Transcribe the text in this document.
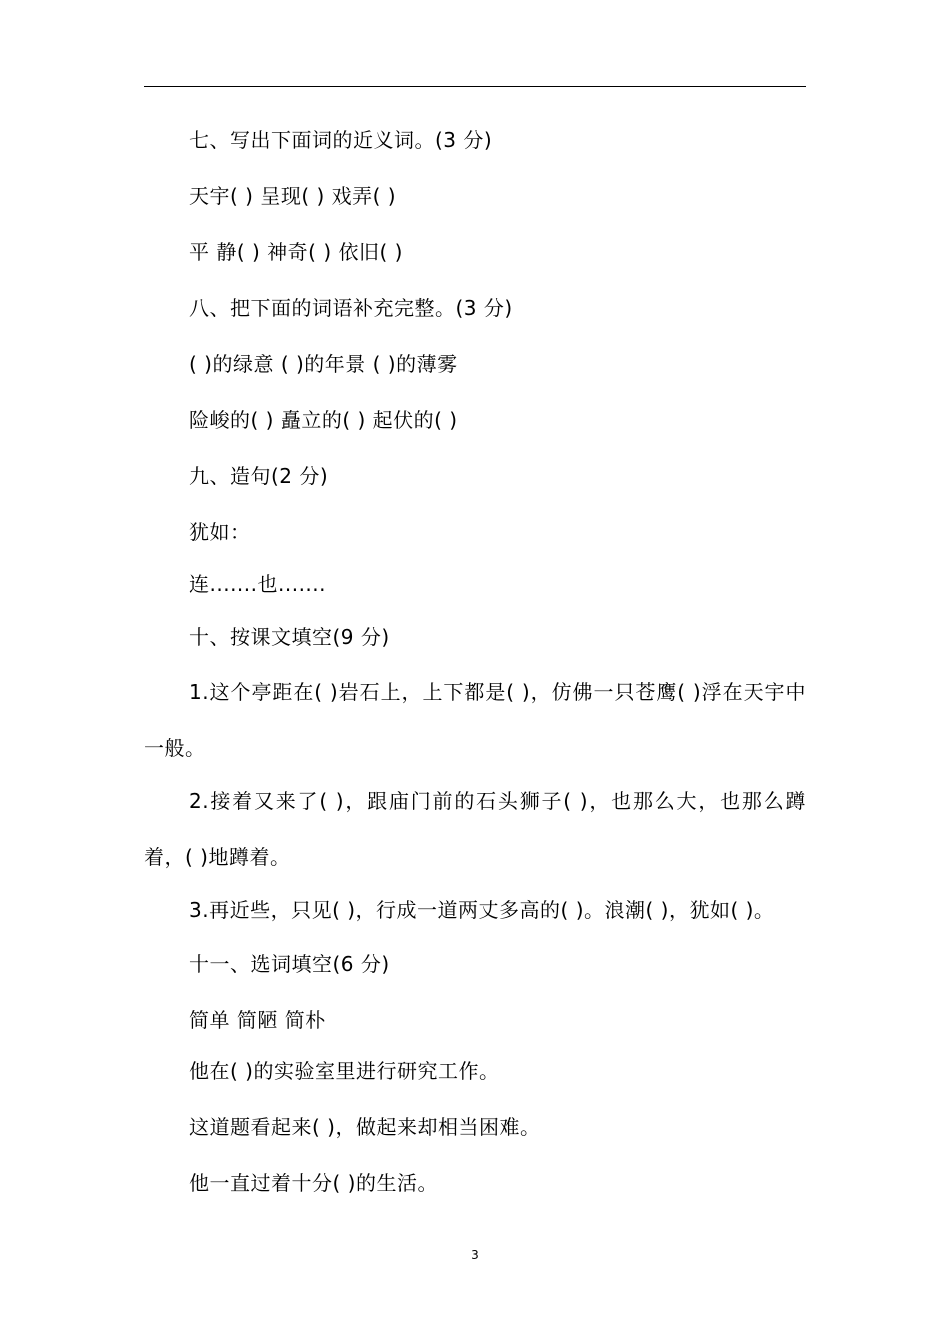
七、写出下面词的近义词。(3 分)
天宇( ) 呈现( ) 戏弄( )
平 静( ) 神奇( ) 依旧( )
八、把下面的词语补充完整。(3 分)
( )的绿意 ( )的年景 ( )的薄雾
险峻的( ) 矗立的( ) 起伏的( )
九、造句(2 分)
犹如：
连.......也.......
十、按课文填空(9 分)
1.这个亭距在( )岩石上，上下都是( )，仿佛一只苍鹰( )浮在天宇中一般。
2.接着又来了( )，跟庙门前的石头狮子( )，也那么大，也那么蹲着，( )地蹲着。
3.再近些，只见( )，行成一道两丈多高的( )。浪潮( )，犹如( )。
十一、选词填空(6 分)
简单 简陋 简朴
他在( )的实验室里进行研究工作。
这道题看起来( )，做起来却相当困难。
他一直过着十分( )的生活。
3
